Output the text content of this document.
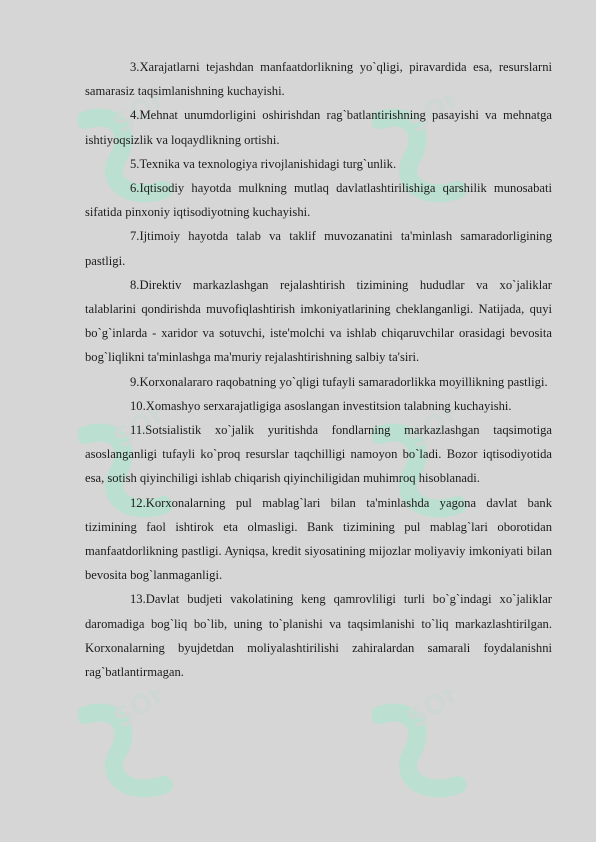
SOFT	SOFT
SOFT	SOFT
SOFT	SOFT

3.Xarajatlarni tejashdan manfaatdorlikning yo`qligi, piravardida esa, resurslarni samarasiz taqsimlanishning kuchayishi.

4.Mehnat unumdorligini oshirishdan rag`batlantirishning pasayishi va mehnatga ishtiyoqsizlik va loqaydlikning ortishi.

5.Texnika va texnologiya rivojlanishidagi turg`unlik.

6.Iqtisodiy hayotda mulkning mutlaq davlatlashtirilishiga qarshilik munosabati sifatida pinxoniy iqtisodiyotning kuchayishi.

7.Ijtimoiy hayotda talab va taklif muvozanatini ta'minlash samaradorligining pastligi.

8.Direktiv markazlashgan rejalashtirish tizimining hududlar va xo`jaliklar talablarini qondirishda muvofiqlashtirish imkoniyatlarining cheklanganligi. Natijada, quyi bo`g`inlarda - xaridor va sotuvchi, iste'molchi va ishlab chiqaruvchilar orasidagi bevosita bog`liqlikni ta'minlashga ma'muriy rejalashtirishning salbiy ta'siri.

9.Korxonalararo raqobatning yo`qligi tufayli samaradorlikka moyillikning pastligi.

10.Xomashyo serxarajatligiga asoslangan investitsion talabning kuchayishi.

11.Sotsialistik xo`jalik yuritishda fondlarning markazlashgan taqsimotiga asoslanganligi tufayli ko`proq resurslar taqchilligi namoyon bo`ladi. Bozor iqtisodiyotida esa, sotish qiyinchiligi ishlab chiqarish qiyinchiligidan muhimroq hisoblanadi.

12.Korxonalarning pul mablag`lari bilan ta'minlashda yagona davlat bank tizimining faol ishtirok eta olmasligi. Bank tizimining pul mablag`lari oborotidan manfaatdorlikning pastligi. Ayniqsa, kredit siyosatining mijozlar moliyaviy imkoniyati bilan bevosita bog`lanmaganligi.

13.Davlat budjeti vakolatining keng qamrovliligi turli bo`g`indagi xo`jaliklar daromadiga bog`liq bo`lib, uning to`planishi va taqsimlanishi to`liq markazlashtirilgan. Korxonalarning byujdetdan moliyalashtirilishi zahiralardan samarali foydalanishni rag`batlantirmagan.
